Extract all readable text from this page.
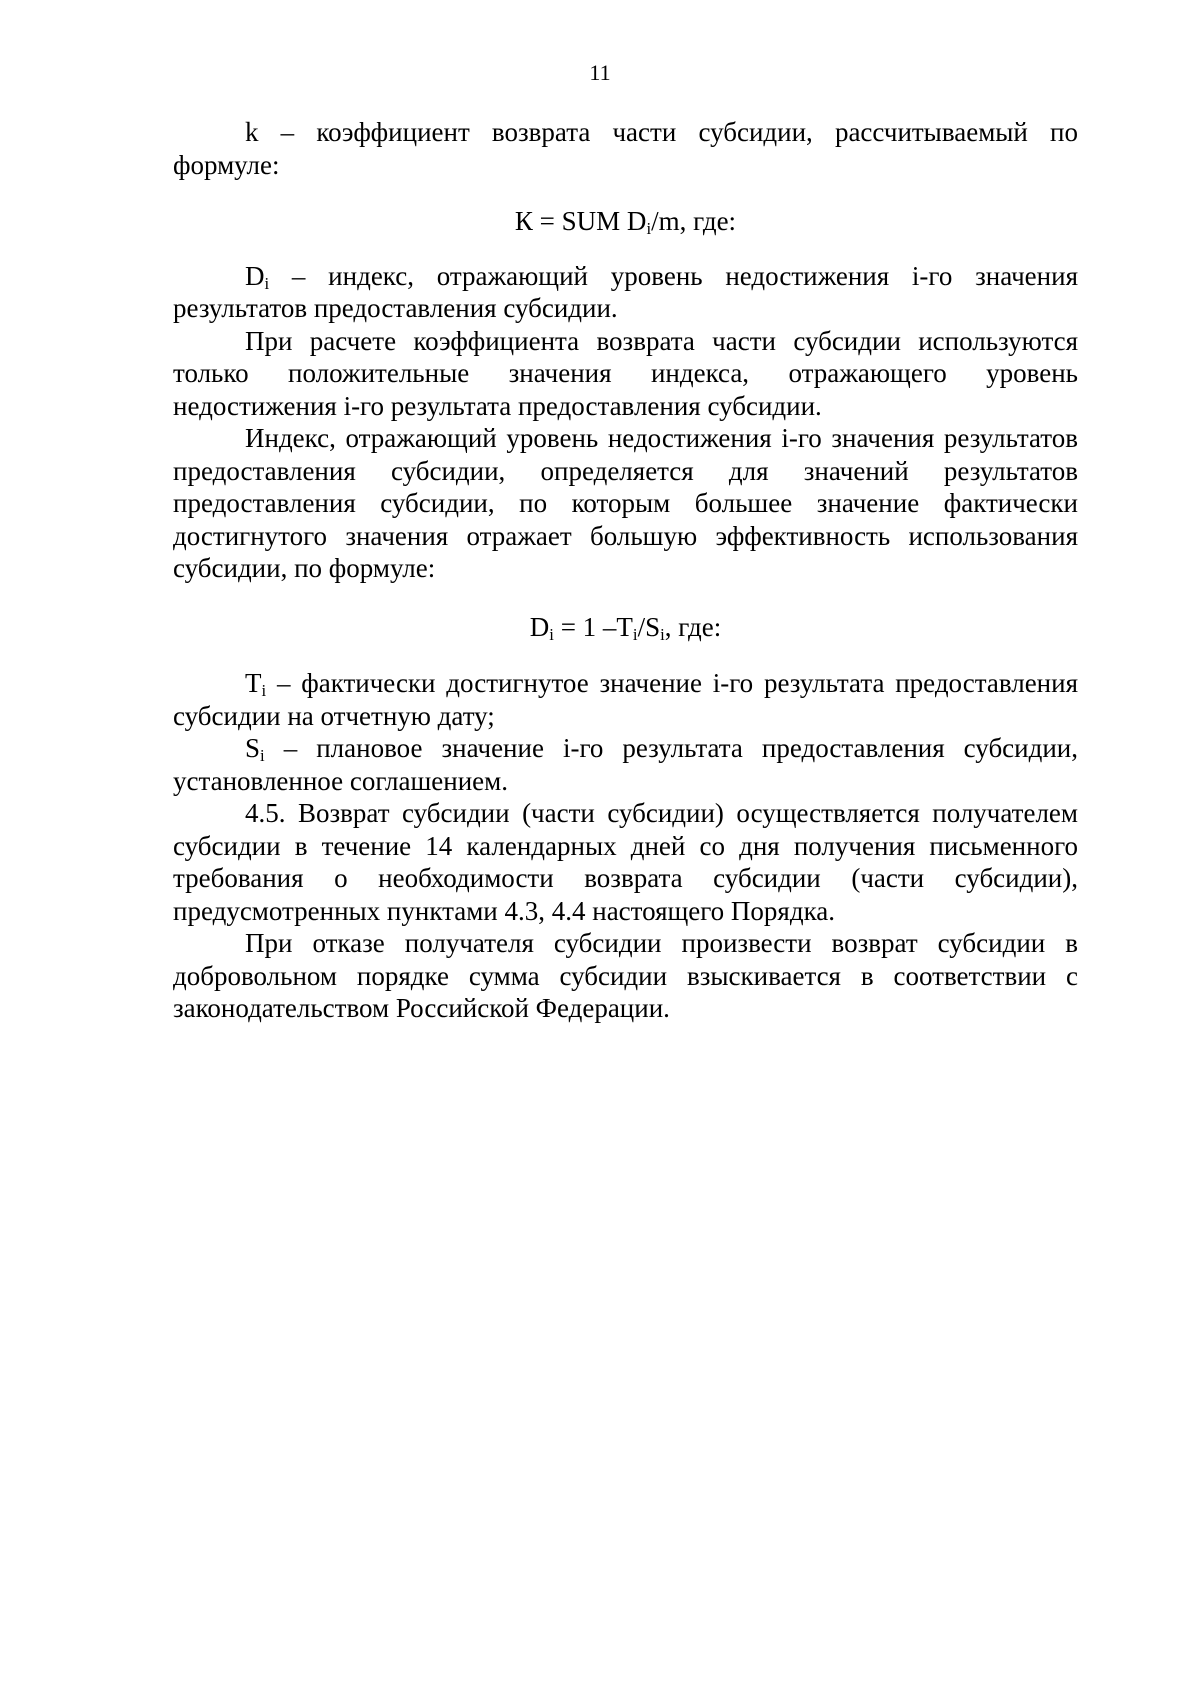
11

k – коэффициент возврата части субсидии, рассчитываемый по формуле:

К = SUM $D_i/m$, где:

$D_i$ – индекс, отражающий уровень недостижения i-го значения результатов предоставления субсидии.

При расчете коэффициента возврата части субсидии используются только положительные значения индекса, отражающего уровень недостижения i-го результата предоставления субсидии.

Индекс, отражающий уровень недостижения i-го значения результатов предоставления субсидии, определяется для значений результатов предоставления субсидии, по которым большее значение фактически достигнутого значения отражает большую эффективность использования субсидии, по формуле:

$D_i = 1$ $-T_i/S_i$, где:

$T_i$ – фактически достигнутое значение i-го результата предоставления субсидии на отчетную дату;

$S_i$ – плановое значение i-го результата предоставления субсидии, установленное соглашением.

4.5. Возврат субсидии (части субсидии) осуществляется получателем субсидии в течение 14 календарных дней со дня получения письменного требования о необходимости возврата субсидии (части субсидии), предусмотренных пунктами 4.3, 4.4 настоящего Порядка.

При отказе получателя субсидии произвести возврат субсидии в добровольном порядке сумма субсидии взыскивается в соответствии с законодательством Российской Федерации.
